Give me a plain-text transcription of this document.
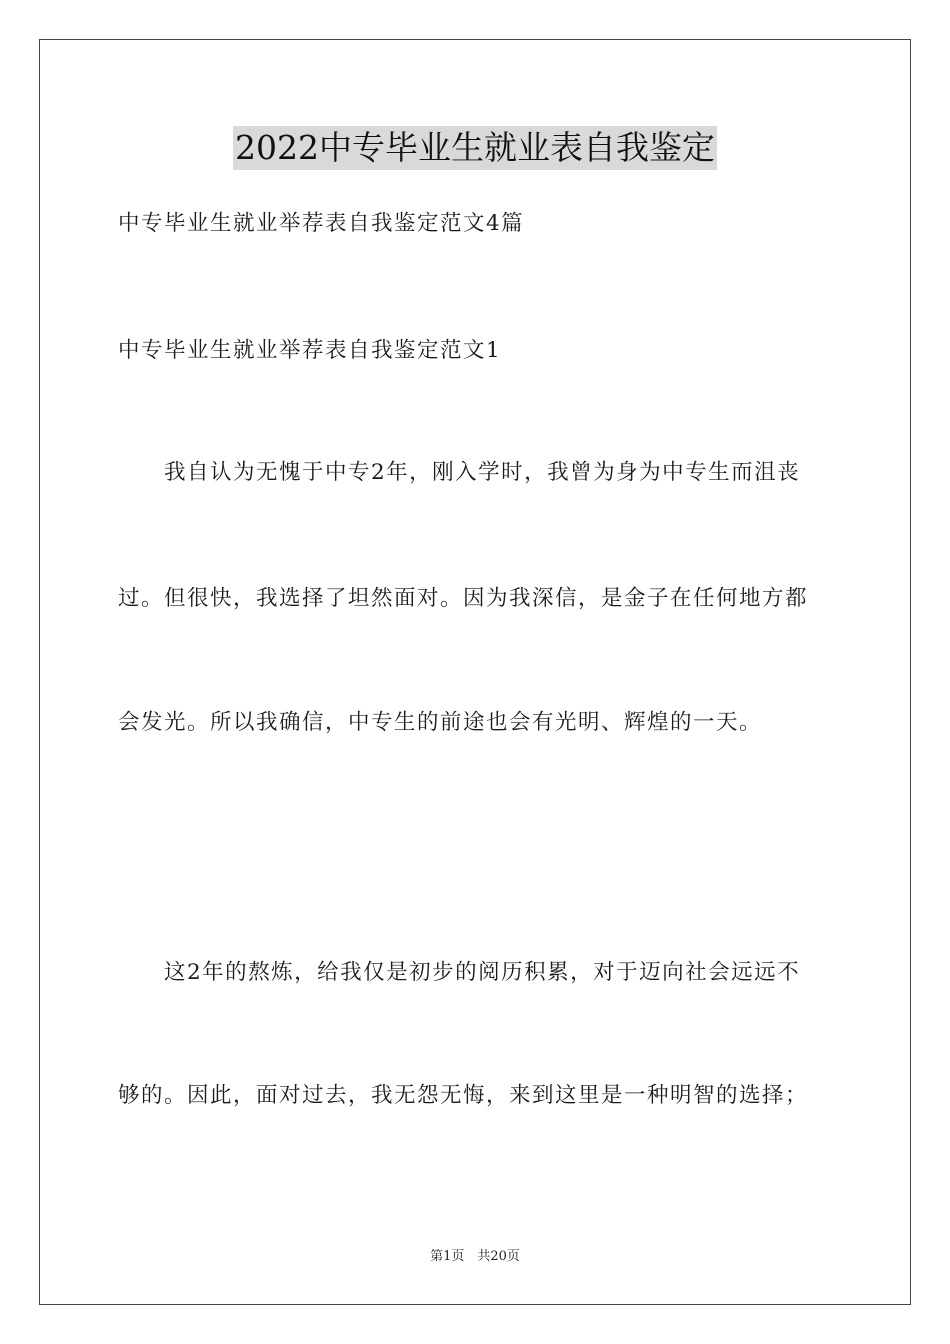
2022中专毕业生就业表自我鉴定
中专毕业生就业举荐表自我鉴定范文4篇
中专毕业生就业举荐表自我鉴定范文1
我自认为无愧于中专2年，刚入学时，我曾为身为中专生而沮丧
过。但很快，我选择了坦然面对。因为我深信，是金子在任何地方都
会发光。所以我确信，中专生的前途也会有光明、辉煌的一天。
这2年的熬炼，给我仅是初步的阅历积累，对于迈向社会远远不
够的。因此，面对过去，我无怨无悔，来到这里是一种明智的选择；
第1页　共20页
